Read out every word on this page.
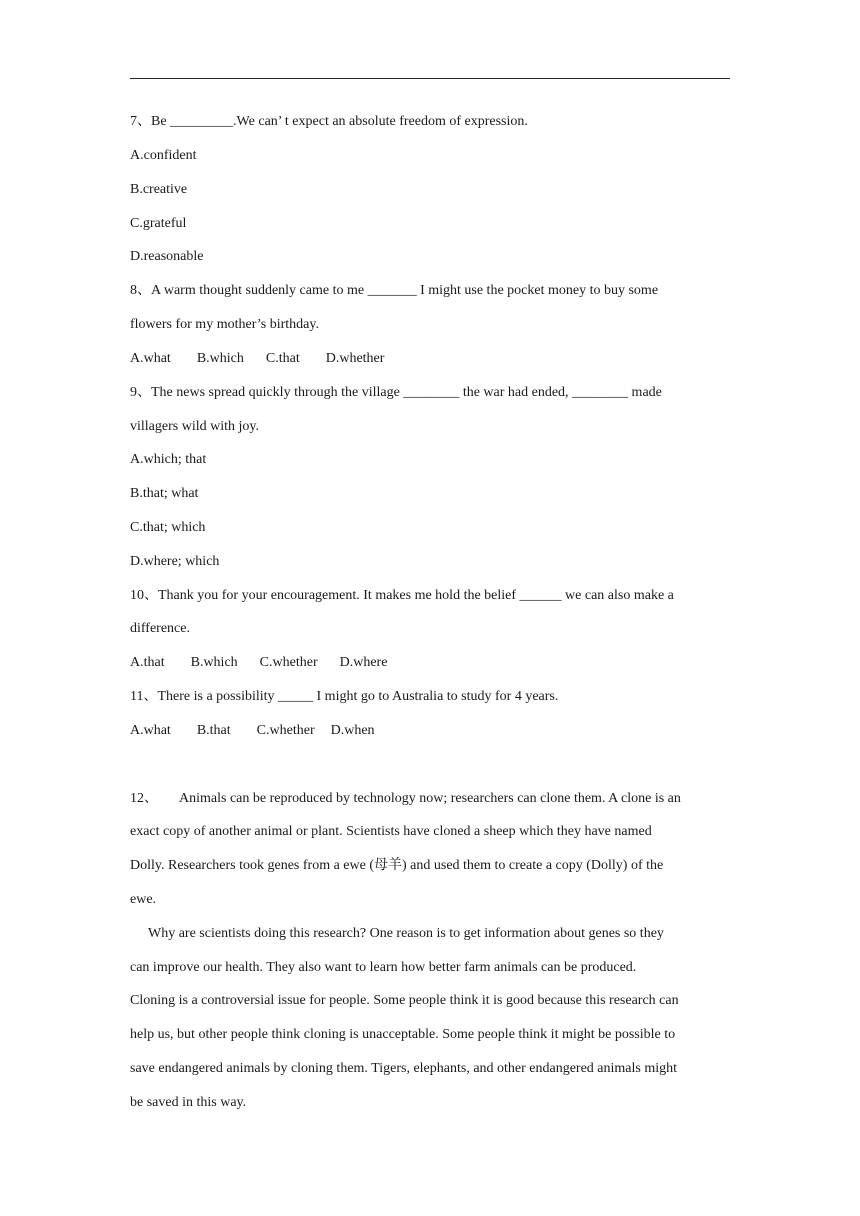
7、Be _________.We can’ t expect an absolute freedom of expression.
A.confident
B.creative
C.grateful
D.reasonable
8、A warm thought suddenly came to me _______ I might use the pocket money to buy some
flowers for my mother’s birthday.
A.what B.which C.that D.whether
9、The news spread quickly through the village ________ the war had ended, ________ made
villagers wild with joy.
A.which; that
B.that; what
C.that; which
D.where; which
10、Thank you for your encouragement. It makes me hold the belief ______ we can also make a
difference.
A.that B.which C.whether D.where
11、There is a possibility _____ I might go to Australia to study for 4 years.
A.what B.that C.whether D.when
12、 Animals can be reproduced by technology now; researchers can clone them. A clone is an
exact copy of another animal or plant. Scientists have cloned a sheep which they have named
Dolly. Researchers took genes from a ewe (母羊) and used them to create a copy (Dolly) of the
ewe.
Why are scientists doing this research? One reason is to get information about genes so they
can improve our health. They also want to learn how better farm animals can be produced.
Cloning is a controversial issue for people. Some people think it is good because this research can
help us, but other people think cloning is unacceptable. Some people think it might be possible to
save endangered animals by cloning them. Tigers, elephants, and other endangered animals might
be saved in this way.
